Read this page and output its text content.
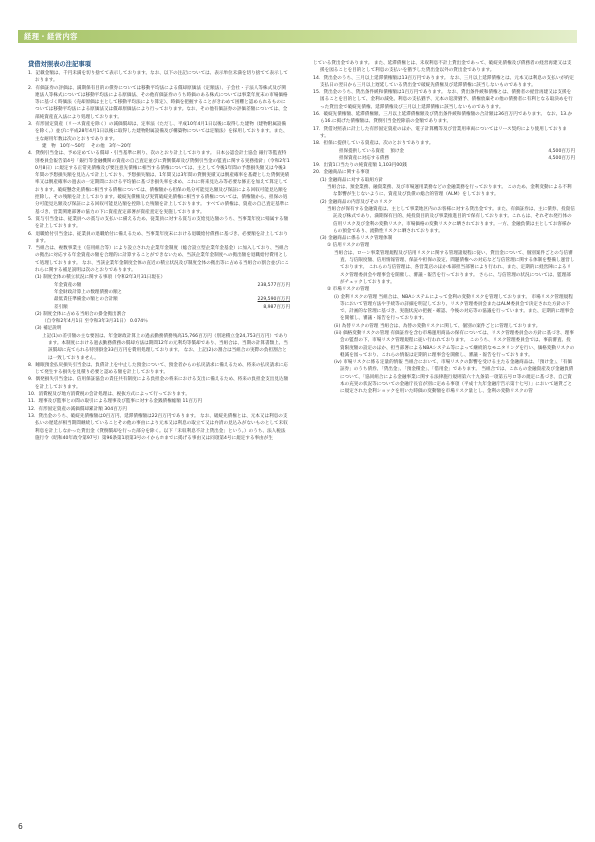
経理・経営内容

貸借対照表の注記事項

1．記載金額は、千円未満を切り捨てて表示しております。なお、以下の注記については、表示単位未満を切り捨てて表示しております。

2．有価証券の評価は、満期保有目的の債券については移動平均法による償却原価法（定額法）、子会社・子法人等株式及び関連法人等株式については移動平均法による原価法、その他有価証券のうち時価のある株式については事業年度末の市場価格等に基づく時価法（売却原価は主として移動平均法により算定）、時価を把握することがきわめて困難と認められるものについては移動平均法による原価法又は償却原価法により行っております。なお、その他有価証券の評価差額については、全部純資産直入法により処理しております。

3．有形固定資産（リース資産を除く）の減価償却は、定率法（ただし、平成10年4月1日以後に取得した建物（建物附属設備を除く。）並びに平成28年4月1日以後に取得した建物附属設備及び構築物については定額法）を採用しております。また、主な耐用年数は次のとおりであります。

建　物 10年〜50年 その他 3年〜20年

4．貸倒引当金は、予め定めている償却・引当基準に則り、次のとおり計上しております。 日本公認会計士協会 銀行等監査特別委員会報告第4号「銀行等金融機関の資産の自己査定並びに貸倒償却及び貸倒引当金の監査に関する実務指針」（令和2年10月8日）に規定する正常先債権及び要注意先債権に相当する債権については、主として今後1年間の予想損失額又は今後3年間の予想損失額を見込んで計上しており、予想損失額は、1年間又は3年間の貸倒実績又は倒産確率を基礎とした貸倒実績率又は倒産確率の過去の一定期間における平均値に基づき損失率を求め、これに将来見込み等必要な修正を加えて算定しております。破綻懸念先債権に相当する債権については、債権額から担保の処分可能見込額及び保証による回収可能見込額を控除し、その残額を計上しております。破綻先債権及び実質破綻先債権に相当する債権については、債権額から、担保の処分可能見込額及び保証による回収可能見込額を控除した残額を計上しております。 すべての債権は、資産の自己査定基準に基づき、営業関連部署の協力の下に資産査定部署が資産査定を実施しております。

5．賞与引当金は、従業員への賞与の支払いに備えるため、従業員に対する賞与の支給見込額のうち、当事業年度に帰属する額を計上しております。

6．退職給付引当金は、従業員の退職給付に備えるため、当事業年度末における退職給付債務に基づき、必要額を計上しております。

7．当組合は、複数事業主（信用組合等）により設立された企業年金制度（総合設立型企業年金基金）に加入しており、当組合の拠出に対応する年金資産の額を合理的に計算することができないため、当該企業年金制度への拠出額を退職給付費用として処理しております。 なお、当該企業年金制度全体の直近の積立状況及び制度全体の拠出等に占める当組合の割合並びにこれらに関する補足説明は次のとおりであります。

(1) 制度全体の積立状況に関する事項（令和2年3月31日現在）

年金資産の額	238,577百万円
年金財政計算上の数理債務の額と
最低責任準備金の額との合計額	229,590百万円
差引額	8,987百万円

(2) 制度全体に占める当組合の掛金拠出割合

（自令和2年4月1日 至令和3年3月31日） 0.074％

(3) 補足説明

上記(1)の差引額の主な要因は、年金財政計算上の過去勤務債務残高15,766百万円（別途積立金24,753百万円）であります。本制度における過去勤務債務の償却方法は期間12年の元利均等償却であり、当組合は、当期の計算書類上、当該償却に充てられる特別掛金33百万円を費用処理しております。 なお、上記(2)の割合は当組合の実際の負担割合とは一致しておりません。

8．睡眠預金払戻損失引当金は、負債計上を中止した預金について、預金者からの払戻請求に備えるため、将来の払戻請求に応じて発生する損失を見積り必要と認める額を計上しております。

9．偶発損失引当金は、信用保証協会の責任共有制度による負担金の将来における支出に備えるため、将来の負担金支出見込額を計上しております。

10．消費税及び地方消費税の会計処理は、税抜方式によって行っております。

11．理事及び監事との間の取引による理事及び監事に対する金銭債権総額 11百万円

12．有形固定資産の減価償却累計額 304百万円

13．貸出金のうち、破綻先債権額は0百万円、延滞債権額は22百万円であります。 なお、破綻先債権とは、元本又は利息の支払いの遅延が相当期間継続していることその他の事由により元本又は利息の取立て又は弁済の見込みがないものとして未収利息を計上しなかった貸出金（貸倒償却を行った部分を除く。以下「未収利息不計上貸出金」という。）のうち、法人税法施行令（昭和40年政令第97号）第96条第1項第3号のイからホまでに掲げる事由又は同項第4号に規定する事由が生

じている貸出金であります。 また、延滞債権とは、未収利息不計上貸出金であって、破綻先債権及び債務者の経営再建又は支援を図ることを目的として利息の支払いを猶予した貸出金以外の貸出金であります。

14．貸出金のうち、三月以上延滞債権額は13百万円であります。 なお、三月以上延滞債権とは、元本又は利息の支払いが約定支払日の翌日から三月以上遅延している貸出金で破綻先債権及び延滞債権に該当しないものであります。

15．貸出金のうち、貸出条件緩和債権額は1百万円であります。 なお、貸出条件緩和債権とは、債務者の経営再建又は支援を図ることを目的として、金利の減免、利息の支払猶予、元本の返済猶予、債権放棄その他の債務者に有利となる取決めを行った貸出金で破綻先債権、延滞債権及び三月以上延滞債権に該当しないものであります。

16．破綻先債権額、延滞債権額、三月以上延滞債権額及び貸出条件緩和債権額の合計額は36百万円であります。 なお、13.から16.に掲げた債権額は、貸倒引当金控除前の金額であります。

17．貸借対照表に計上した有形固定資産のほか、電子計算機等及び営業用車両についてはリース契約により使用しております。

18．担保に提供している資産は、次のとおりであります。

担保提供している資産 預け金	4,500百万円
担保資産に対応する債務	4,500百万円

19．出資1口当たりの純資産額 1,103円00銭

20．金融商品に関する事項

(1) 金融商品に対する取組方針

当組合は、預金業務、融資業務、及び市場運用業務などの金融業務を行っております。 このため、金利変動による不利な影響が生じないように、資産及び負債の総合的管理（ALM）をしております。

(2) 金融商品の内容及びそのリスク

当組合が保有する金融資産は、主として事業地区内のお客様に対する貸出金です。また、有価証券は、主に債券、投資信託及び株式であり、満期保有目的、純投資目的及び事業推進目的で保有しております。これらは、それぞれ発行体の信用リスク及び金利の変動リスク、市場価格の変動リスクに晒されております。一方、金融負債は主としてお客様からの預金であり、流動性リスクに晒されております。

(3) 金融商品に係るリスク管理体制

① 信用リスクの管理

当組合は、ローン事業管理規程及び信用リスクに関する管理諸規程に従い、貸出金について、個別案件ごとの与信審査、与信限度額、信用情報管理、保証や担保の設定、問題債権への対応など与信管理に関する体制を整備し運営しております。 これらの与信管理は、各営業店のほか本部担当部署により行われ、また、定期的に経営陣によるリスク管理委員会や理事会を開催し、審議・報告を行っております。 さらに、与信管理の状況については、監理部がチェックしております。

② 市場リスクの管理

(i) 金利リスクの管理 当組合は、NBAシステムによって金利の変動リスクを管理しております。 市場リスク管理規程等において管理方法や手続等の詳細を明記しており、リスク管理委員会またはALM委員会で決定された方針の下で、計画的な管理に基づき、実施状況の把握・確認、今後の対応等の協議を行っています。また、定期的に理事会を開催し、審議・報告を行っております。

(ii) 為替リスクの管理 当組合は、為替の変動リスクに関して、個別の案件ごとに管理しております。

(iii) 価格変動リスクの管理 有価証券を含む市場運用商品の保有については、リスク管理委員会の方針に基づき、理事会の監督の下、市場リスク管理規程に従い行われております。 このうち、リスク管理委員会では、事前審査、投資限度額の設定のほか、担当部署によるNBAシステム等によって継続的なモニタリングを行い、価格変動リスクの軽減を図っており、これらの情報は定期的に理事会を開催し、審議・報告を行っております。

(iv) 市場リスクに係る定量的情報 当組合において、市場リスクの影響を受ける主たる金融商品は、「預け金」、「有価証券」のうち債券、「貸出金」、「預金積金」、「借用金」であります。 当組合では、これらの金融資産及び金融負債について、「協同組合による金融事業に関する法律施行規則第六十九条第一項第五号ロ等の規定に基づき、自己資本の充実の状況等についての金融庁長官が別に定める事項（平成十九年金融庁告示第十七号）」において通貨ごとに規定された金利ショックを用いた時価の変動額を市場リスク量とし、金利の変動リスクの管

6
